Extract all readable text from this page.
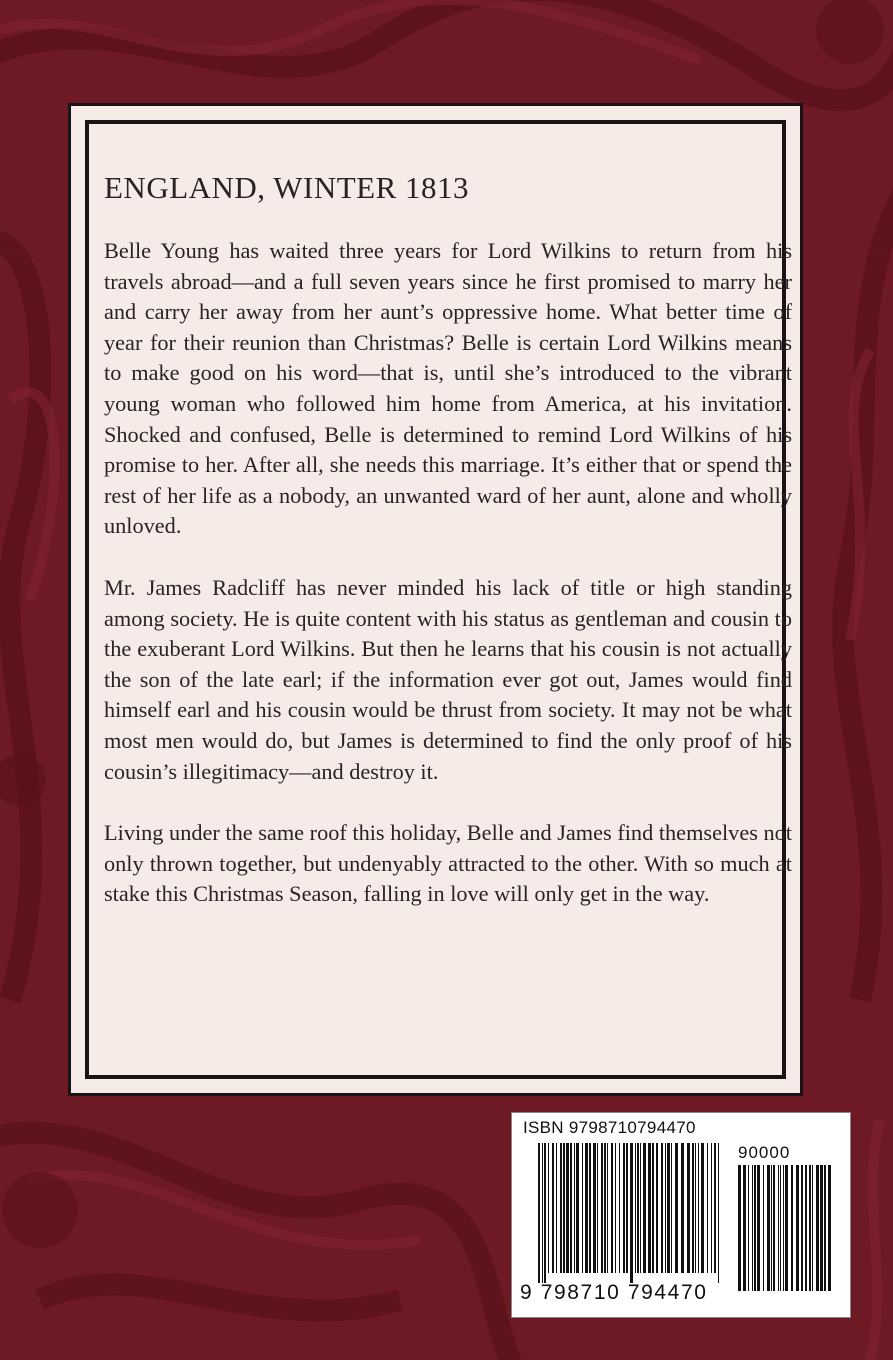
ENGLAND, WINTER 1813

Belle Young has waited three years for Lord Wilkins to return from his travels abroad—and a full seven years since he first promised to marry her and carry her away from her aunt’s oppressive home. What better time of year for their reunion than Christmas? Belle is certain Lord Wilkins means to make good on his word—that is, until she’s introduced to the vibrant young woman who followed him home from America, at his invitation. Shocked and confused, Belle is determined to remind Lord Wilkins of his promise to her. After all, she needs this marriage. It’s either that or spend the rest of her life as a nobody, an unwanted ward of her aunt, alone and wholly unloved.

Mr. James Radcliff has never minded his lack of title or high standing among society. He is quite content with his status as gentleman and cousin to the exuberant Lord Wilkins. But then he learns that his cousin is not actually the son of the late earl; if the information ever got out, James would find himself earl and his cousin would be thrust from society. It may not be what most men would do, but James is determined to find the only proof of his cousin’s illegitimacy—and destroy it.

Living under the same roof this holiday, Belle and James find themselves not only thrown together, but undenyably attracted to the other. With so much at stake this Christmas Season, falling in love will only get in the way.

ISBN 9798710794470
90000
9 798710 794470
